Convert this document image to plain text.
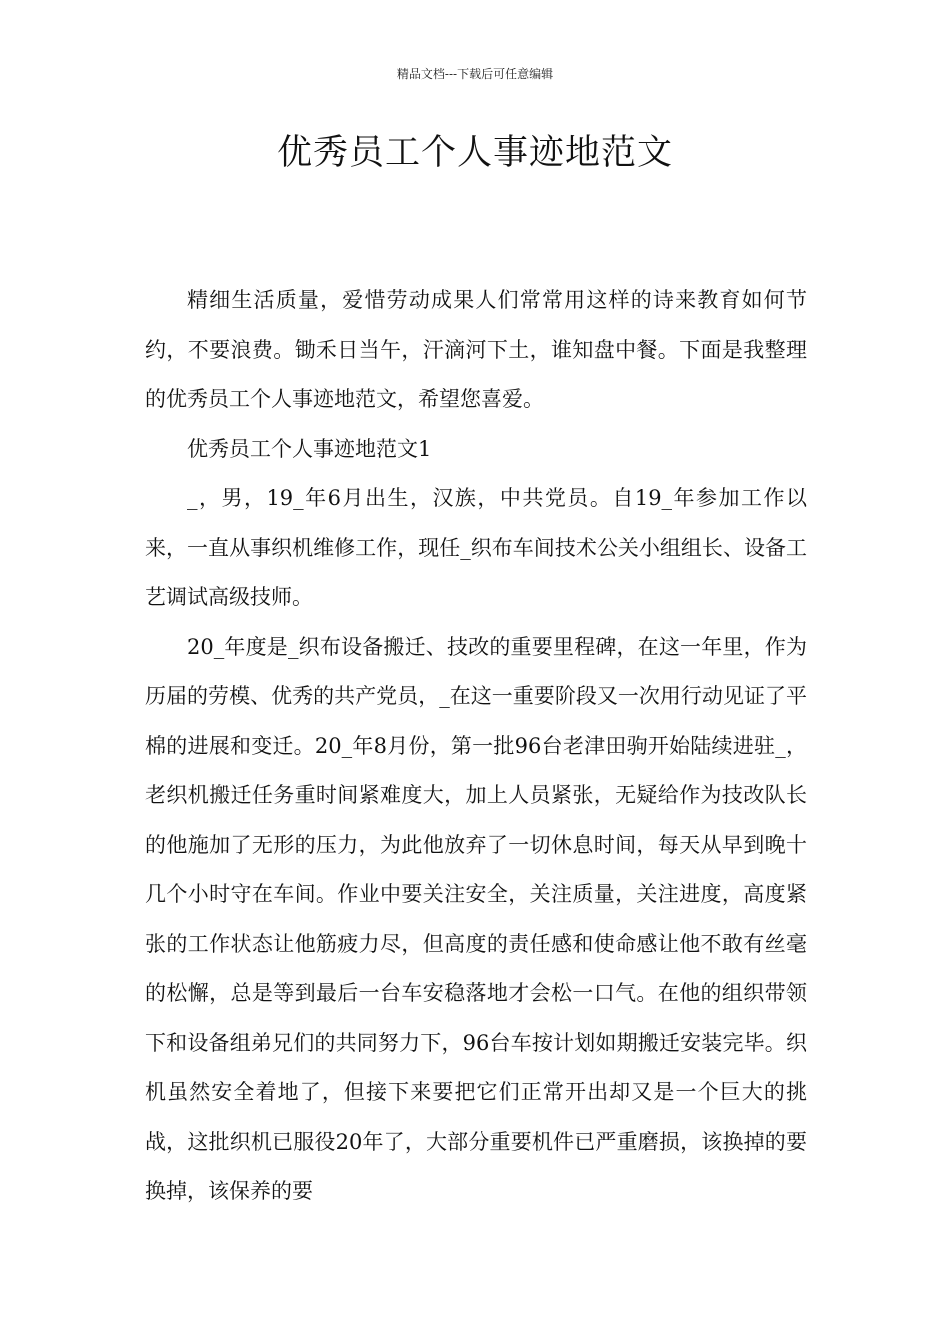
精品文档---下载后可任意编辑
优秀员工个人事迹地范文

精细生活质量，爱惜劳动成果人们常常用这样的诗来教育如何节约，不要浪费。锄禾日当午，汗滴河下土，谁知盘中餐。下面是我整理的优秀员工个人事迹地范文，希望您喜爱。

优秀员工个人事迹地范文1

_，男，19_年6月出生，汉族，中共党员。自19_年参加工作以来，一直从事织机维修工作，现任_织布车间技术公关小组组长、设备工艺调试高级技师。

20_年度是_织布设备搬迁、技改的重要里程碑，在这一年里，作为历届的劳模、优秀的共产党员，_在这一重要阶段又一次用行动见证了平棉的进展和变迁。20_年8月份，第一批96台老津田驹开始陆续进驻_，老织机搬迁任务重时间紧难度大，加上人员紧张，无疑给作为技改队长的他施加了无形的压力，为此他放弃了一切休息时间，每天从早到晚十几个小时守在车间。作业中要关注安全，关注质量，关注进度，高度紧张的工作状态让他筋疲力尽，但高度的责任感和使命感让他不敢有丝毫的松懈，总是等到最后一台车安稳落地才会松一口气。在他的组织带领下和设备组弟兄们的共同努力下，96台车按计划如期搬迁安装完毕。织机虽然安全着地了，但接下来要把它们正常开出却又是一个巨大的挑战，这批织机已服役20年了，大部分重要机件已严重磨损，该换掉的要换掉，该保养的要
